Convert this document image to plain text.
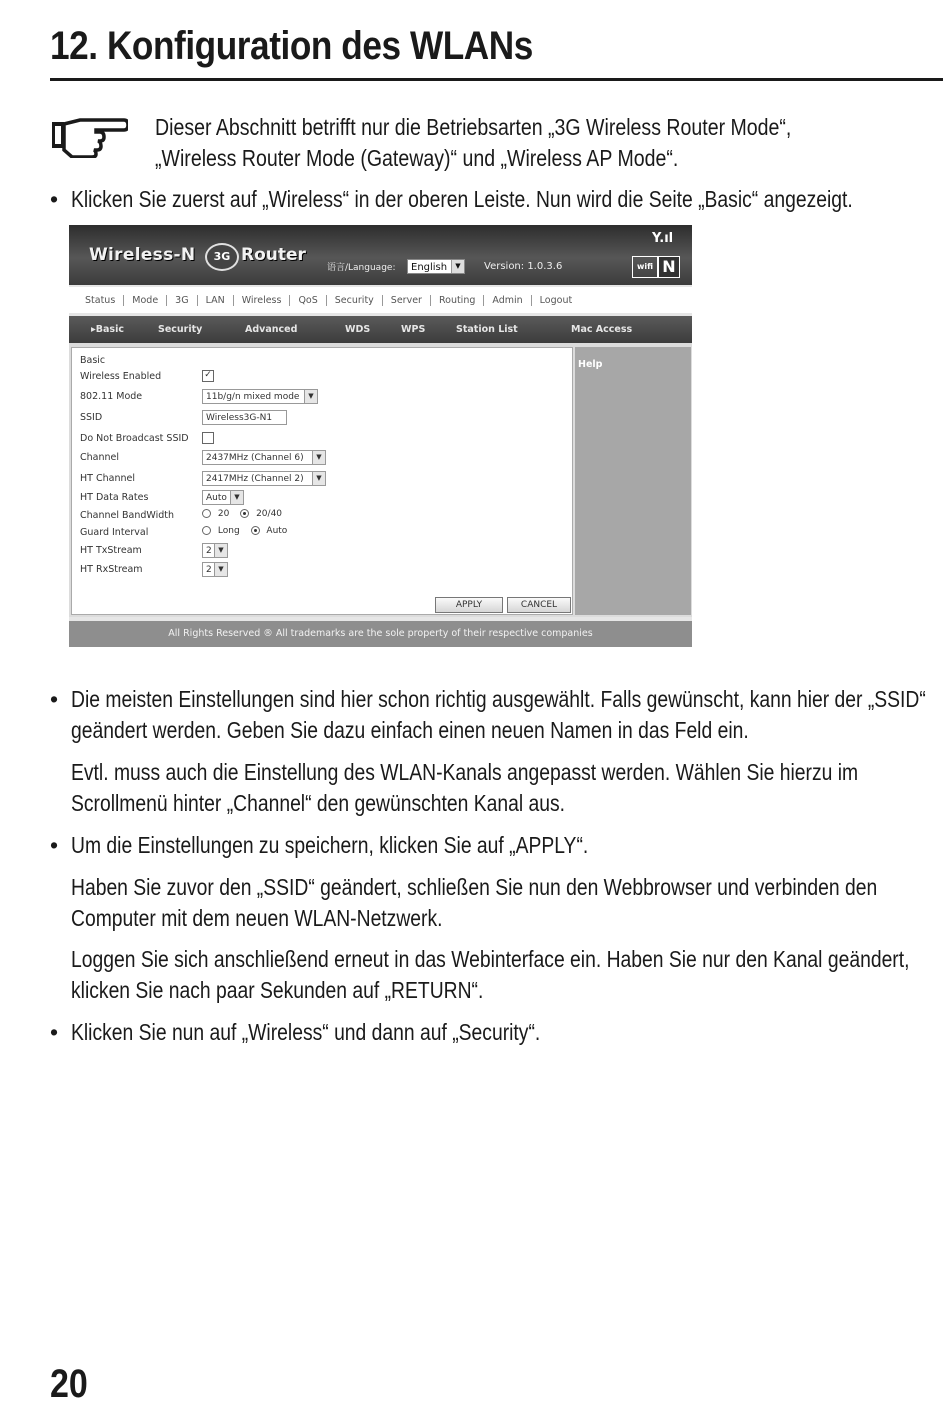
12. Konfiguration des WLANs
Dieser Abschnitt betrifft nur die Betriebsarten „3G Wireless Router Mode“, „Wireless Router Mode (Gateway)“ und „Wireless AP Mode“.
• Klicken Sie zuerst auf „Wireless“ in der oberen Leiste. Nun wird die Seite „Basic“ angezeigt.
Wireless-N	3G Router
语言/Language:	English	▼	Version: 1.0.3.6
Y.ıl
wifi N
Status	Mode	3G	LAN	Wireless	QoS	Security	Server	Routing	Admin	Logout
▸Basic	Security	Advanced	WDS	WPS	Station List	Mac Access
Basic
Wireless Enabled	✓
802.11 Mode	11b/g/n mixed mode	▼
SSID	Wireless3G-N1
Do Not Broadcast SSID
Channel	2437MHz (Channel 6)	▼
HT Channel	2417MHz (Channel 2)	▼
HT Data Rates	Auto	▼
Channel BandWidth	20	20/40
Guard Interval	Long	Auto
HT TxStream	2 ▼
HT RxStream	2 ▼
APPLY	CANCEL
Help
All Rights Reserved ® All trademarks are the sole property of their respective companies
• Die meisten Einstellungen sind hier schon richtig ausgewählt. Falls gewünscht, kann hier der „SSID“ geändert werden. Geben Sie dazu einfach einen neuen Namen in das Feld ein.
Evtl. muss auch die Einstellung des WLAN-Kanals angepasst werden. Wählen Sie hierzu im Scrollmenü hinter „Channel“ den gewünschten Kanal aus.
• Um die Einstellungen zu speichern, klicken Sie auf „APPLY“.
Haben Sie zuvor den „SSID“ geändert, schließen Sie nun den Webbrowser und verbinden den Computer mit dem neuen WLAN-Netzwerk.
Loggen Sie sich anschließend erneut in das Webinterface ein. Haben Sie nur den Kanal geändert, klicken Sie nach paar Sekunden auf „RETURN“.
• Klicken Sie nun auf „Wireless“ und dann auf „Security“.
20
